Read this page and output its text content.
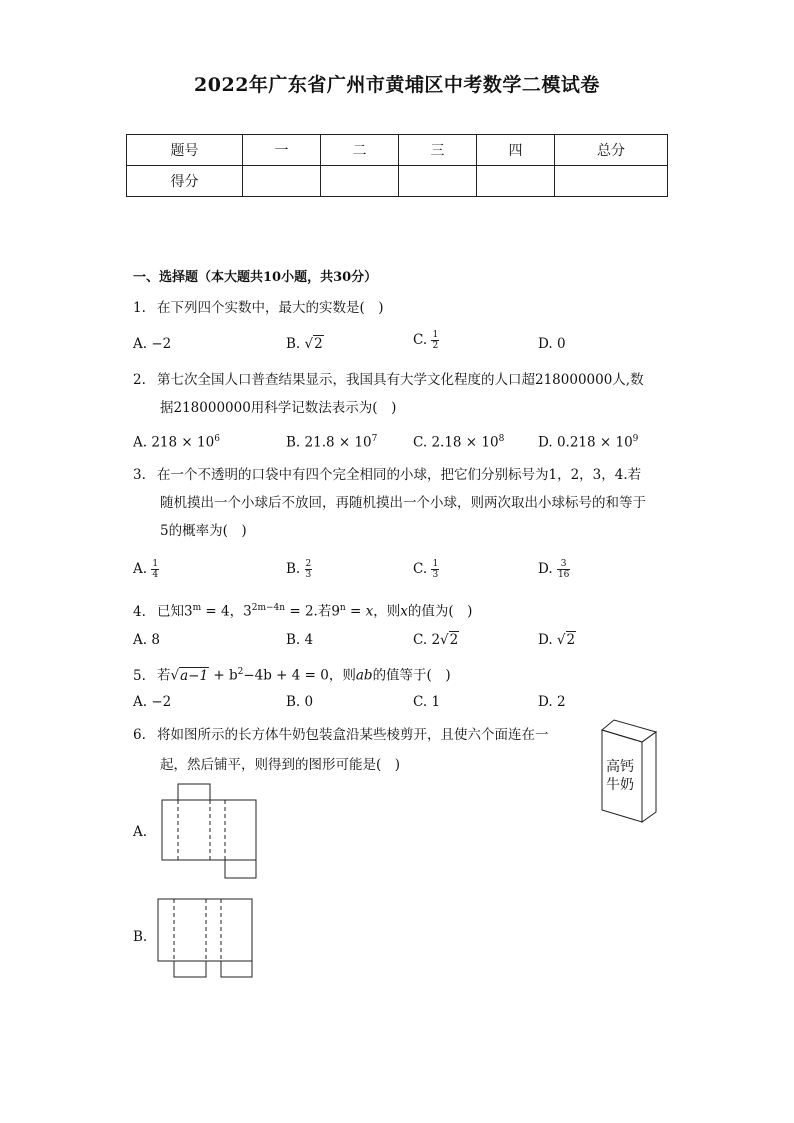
2022年广东省广州市黄埔区中考数学二模试卷
题号	一	二	三	四	总分
得分					
一、选择题（本大题共10小题，共30分）
1. 在下列四个实数中，最大的实数是(　)
A. −2	B. √2	C. $\frac{1}{2}$	D. 0
2. 第七次全国人口普查结果显示，我国具有大学文化程度的人口超218000000人,数
据218000000用科学记数法表示为(　)
A. $218 \times 10^6$	B. $21.8 \times 10^7$	C. $2.18 \times 10^8$ D. $0.218 \times 10^9$
3. 在一个不透明的口袋中有四个完全相同的小球，把它们分别标号为1，2，3，4.若
随机摸出一个小球后不放回，再随机摸出一个小球，则两次取出小球标号的和等于
5的概率为(　)
A. $\frac{1}{4}$	B. $\frac{2}{3}$	C. $\frac{1}{3}$	D. $\frac{3}{16}$
4. 已知$3^m = 4$，$3^{2m-4n} = 2$.若$9^n = x$，则x的值为(　)
A. 8	B. 4	C. 2√2	D. √2
5. 若$√a-1 + b^2-4b + 4 = 0$，则ab的值等于(　)
A. −2	B. 0	C. 1	D. 2
6. 将如图所示的长方体牛奶包装盒沿某些棱剪开，且使六个面连在一
起，然后铺平，则得到的图形可能是(　)	高钙
牛奶
A.
B.
